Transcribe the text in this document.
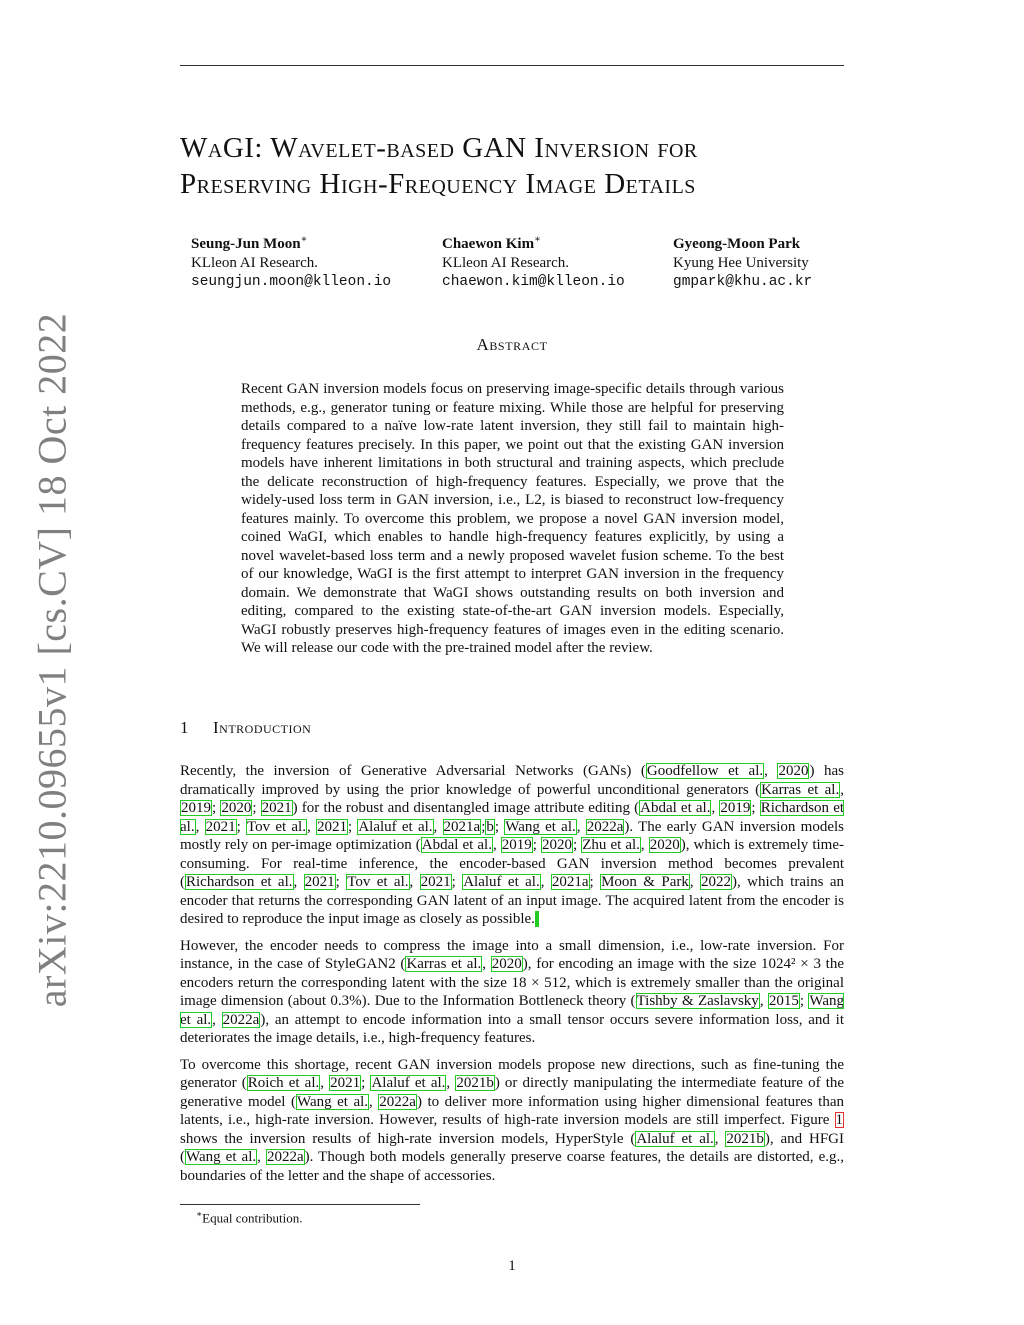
arXiv:2210.09655v1 [cs.CV] 18 Oct 2022
WaGI: Wavelet-based GAN Inversion for
Preserving High-Frequency Image Details
Seung-Jun Moon∗
KLleon AI Research.
seungjun.moon@klleon.io
Chaewon Kim∗
KLleon AI Research.
chaewon.kim@klleon.io
Gyeong-Moon Park
Kyung Hee University
gmpark@khu.ac.kr
Abstract
Recent GAN inversion models focus on preserving image-specific details through various methods, e.g., generator tuning or feature mixing. While those are helpful for preserving details compared to a naïve low-rate latent inversion, they still fail to maintain high-frequency features precisely. In this paper, we point out that the existing GAN inversion models have inherent limitations in both structural and training aspects, which preclude the delicate reconstruction of high-frequency features. Especially, we prove that the widely-used loss term in GAN inversion, i.e., L2, is biased to reconstruct low-frequency features mainly. To overcome this problem, we propose a novel GAN inversion model, coined WaGI, which enables to handle high-frequency features explicitly, by using a novel wavelet-based loss term and a newly proposed wavelet fusion scheme. To the best of our knowledge, WaGI is the first attempt to interpret GAN inversion in the frequency domain. We demonstrate that WaGI shows outstanding results on both inversion and editing, compared to the existing state-of-the-art GAN inversion models. Especially, WaGI robustly preserves high-frequency features of images even in the editing scenario. We will release our code with the pre-trained model after the review.
1 Introduction

Recently, the inversion of Generative Adversarial Networks (GANs) (Goodfellow et al., 2020) has dramatically improved by using the prior knowledge of powerful unconditional generators (Karras et al., 2019; 2020; 2021) for the robust and disentangled image attribute editing (Abdal et al., 2019; Richardson et al., 2021; Tov et al., 2021; Alaluf et al., 2021a;b; Wang et al., 2022a). The early GAN inversion models mostly rely on per-image optimization (Abdal et al., 2019; 2020; Zhu et al., 2020), which is extremely time-consuming. For real-time inference, the encoder-based GAN inversion method becomes prevalent (Richardson et al., 2021; Tov et al., 2021; Alaluf et al., 2021a; Moon & Park, 2022), which trains an encoder that returns the corresponding GAN latent of an input image. The acquired latent from the encoder is desired to reproduce the input image as closely as possible.

However, the encoder needs to compress the image into a small dimension, i.e., low-rate inversion. For instance, in the case of StyleGAN2 (Karras et al., 2020), for encoding an image with the size 1024² × 3 the encoders return the corresponding latent with the size 18 × 512, which is extremely smaller than the original image dimension (about 0.3%). Due to the Information Bottleneck theory (Tishby & Zaslavsky, 2015; Wang et al., 2022a), an attempt to encode information into a small tensor occurs severe information loss, and it deteriorates the image details, i.e., high-frequency features.

To overcome this shortage, recent GAN inversion models propose new directions, such as fine-tuning the generator (Roich et al., 2021; Alaluf et al., 2021b) or directly manipulating the intermediate feature of the generative model (Wang et al., 2022a) to deliver more information using higher dimensional features than latents, i.e., high-rate inversion. However, results of high-rate inversion models are still imperfect. Figure 1 shows the inversion results of high-rate inversion models, HyperStyle (Alaluf et al., 2021b), and HFGI (Wang et al., 2022a). Though both models generally preserve coarse features, the details are distorted, e.g., boundaries of the letter and the shape of accessories.

∗Equal contribution.
1
